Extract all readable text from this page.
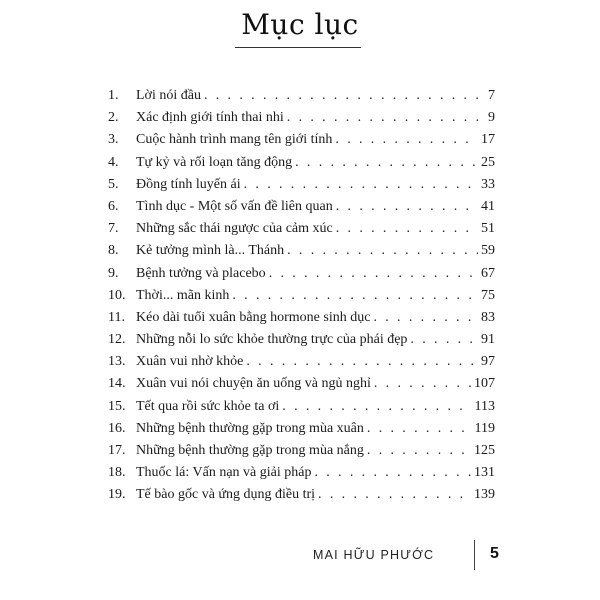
Mục lục
1.	Lời nói đầu . . .	7
2.	Xác định giới tính thai nhi . . .	9
3.	Cuộc hành trình mang tên giới tính . . .	17
4.	Tự kỷ và rối loạn tăng động . . .	25
5.	Đồng tính luyến ái . . .	33
6.	Tình dục - Một số vấn đề liên quan . . .	41
7.	Những sắc thái ngược của cảm xúc . . .	51
8.	Kẻ tưởng mình là... Thánh . . .	59
9.	Bệnh tưởng và placebo . . .	67
10. Thời... mãn kinh . . .	75
11. Kéo dài tuổi xuân bằng hormone sinh dục . . .	83
12. Những nỗi lo sức khỏe thường trực của phái đẹp . . .	91
13. Xuân vui nhờ khỏe . . .	97
14. Xuân vui nói chuyện ăn uống và ngủ nghỉ . . .	107
15. Tết qua rồi sức khỏe ta ơi . . .	113
16. Những bệnh thường gặp trong mùa xuân . . .	119
17. Những bệnh thường gặp trong mùa nắng . . .	125
18. Thuốc lá: Vấn nạn và giải pháp . . .	131
19. Tế bào gốc và ứng dụng điều trị . . .	139
MAI HỮU PHƯỚC	5
